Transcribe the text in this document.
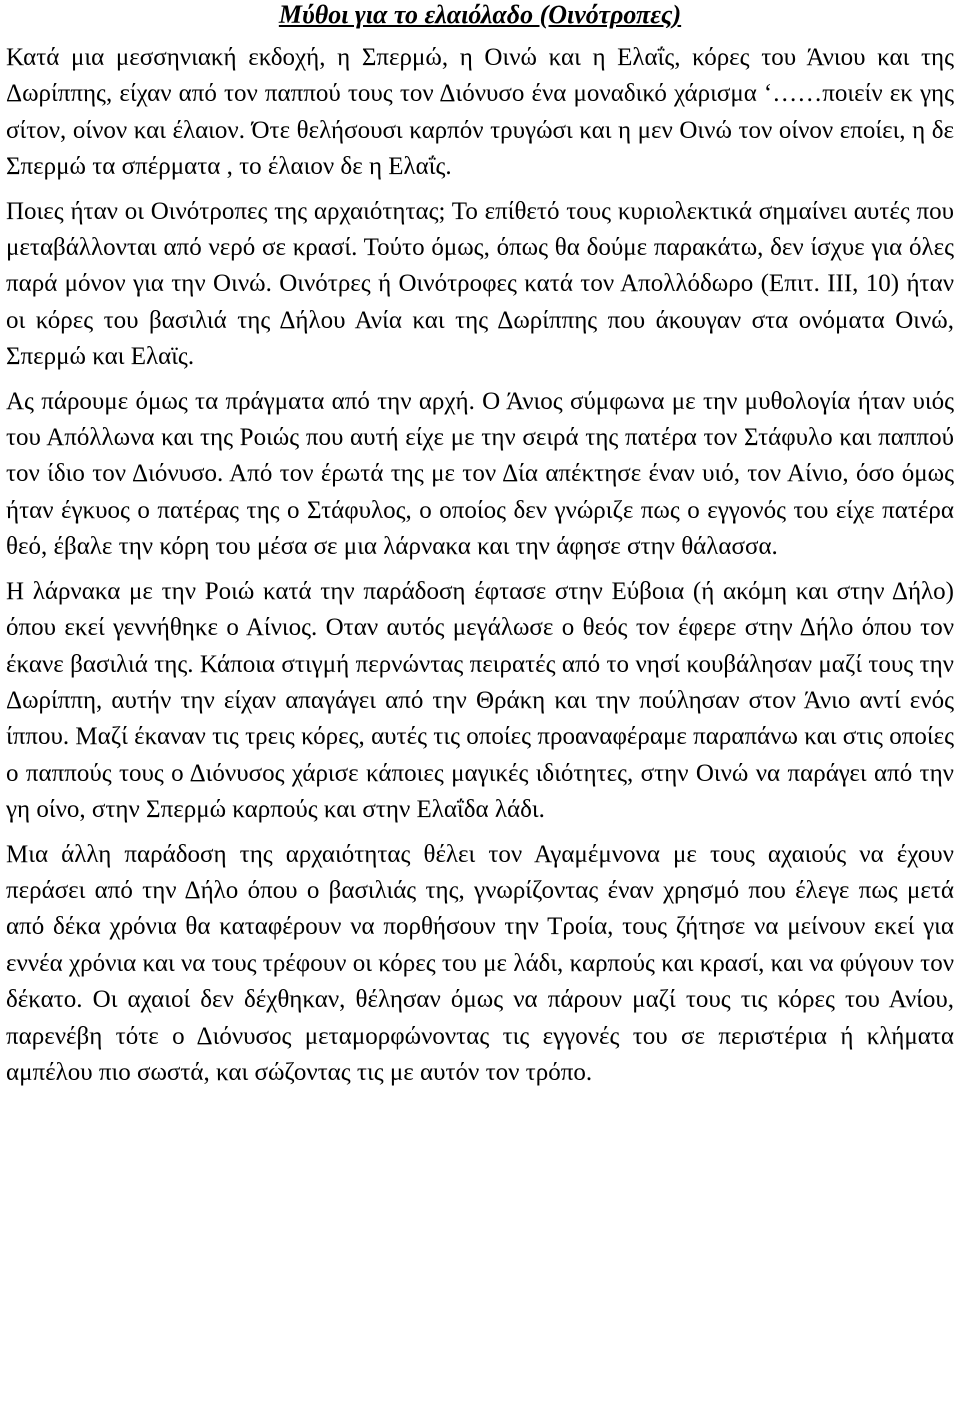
Μύθοι για το ελαιόλαδο (Οινότροπες)

Κατά μια μεσσηνιακή εκδοχή, η Σπερμώ, η Οινώ και η Ελαΐς, κόρες του Άνιου και της Δωρίππης, είχαν από τον παππού τους τον Διόνυσο ένα μοναδικό χάρισμα ‘……ποιείν εκ γης σίτον, οίνον και έλαιον. Ότε θελήσουσι καρπόν τρυγώσι και η μεν Οινώ τον οίνον εποίει, η δε Σπερμώ τα σπέρματα , το έλαιον δε η Ελαΐς.

Ποιες ήταν οι Οινότροπες της αρχαιότητας; Το επίθετό τους κυριολεκτικά σημαίνει αυτές που μεταβάλλονται από νερό σε κρασί. Τούτο όμως, όπως θα δούμε παρακάτω, δεν ίσχυε για όλες παρά μόνον για την Οινώ. Οινότρες ή Οινότροφες κατά τον Απολλόδωρο (Επιτ. ΙΙΙ, 10) ήταν οι κόρες του βασιλιά της Δήλου Ανία και της Δωρίππης που άκουγαν στα ονόματα Οινώ, Σπερμώ και Ελαϊς.

Ας πάρουμε όμως τα πράγματα από την αρχή. Ο Άνιος σύμφωνα με την μυθολογία ήταν υιός του Απόλλωνα και της Ροιώς που αυτή είχε με την σειρά της πατέρα τον Στάφυλο και παππού τον ίδιο τον Διόνυσο. Από τον έρωτά της με τον Δία απέκτησε έναν υιό, τον Αίνιο, όσο όμως ήταν έγκυος ο πατέρας της ο Στάφυλος, ο οποίος δεν γνώριζε πως ο εγγονός του είχε πατέρα θεό, έβαλε την κόρη του μέσα σε μια λάρνακα και την άφησε στην θάλασσα.

Η λάρνακα με την Ροιώ κατά την παράδοση έφτασε στην Εύβοια (ή ακόμη και στην Δήλο) όπου εκεί γεννήθηκε ο Αίνιος. Οταν αυτός μεγάλωσε ο θεός τον έφερε στην Δήλο όπου τον έκανε βασιλιά της. Κάποια στιγμή περνώντας πειρατές από το νησί κουβάλησαν μαζί τους την Δωρίππη, αυτήν την είχαν απαγάγει από την Θράκη και την πούλησαν στον Άνιο αντί ενός ίππου. Μαζί έκαναν τις τρεις κόρες, αυτές τις οποίες προαναφέραμε παραπάνω και στις οποίες ο παππούς τους ο Διόνυσος χάρισε κάποιες μαγικές ιδιότητες, στην Οινώ να παράγει από την γη οίνο, στην Σπερμώ καρπούς και στην Ελαΐδα λάδι.

Μια άλλη παράδοση της αρχαιότητας θέλει τον Αγαμέμνονα με τους αχαιούς να έχουν περάσει από την Δήλο όπου ο βασιλιάς της, γνωρίζοντας έναν χρησμό που έλεγε πως μετά από δέκα χρόνια θα καταφέρουν να πορθήσουν την Τροία, τους ζήτησε να μείνουν εκεί για εννέα χρόνια και να τους τρέφουν οι κόρες του με λάδι, καρπούς και κρασί, και να φύγουν τον δέκατο. Οι αχαιοί δεν δέχθηκαν, θέλησαν όμως να πάρουν μαζί τους τις κόρες του Ανίου, παρενέβη τότε ο Διόνυσος μεταμορφώνοντας τις εγγονές του σε περιστέρια ή κλήματα αμπέλου πιο σωστά, και σώζοντας τις με αυτόν τον τρόπο.
